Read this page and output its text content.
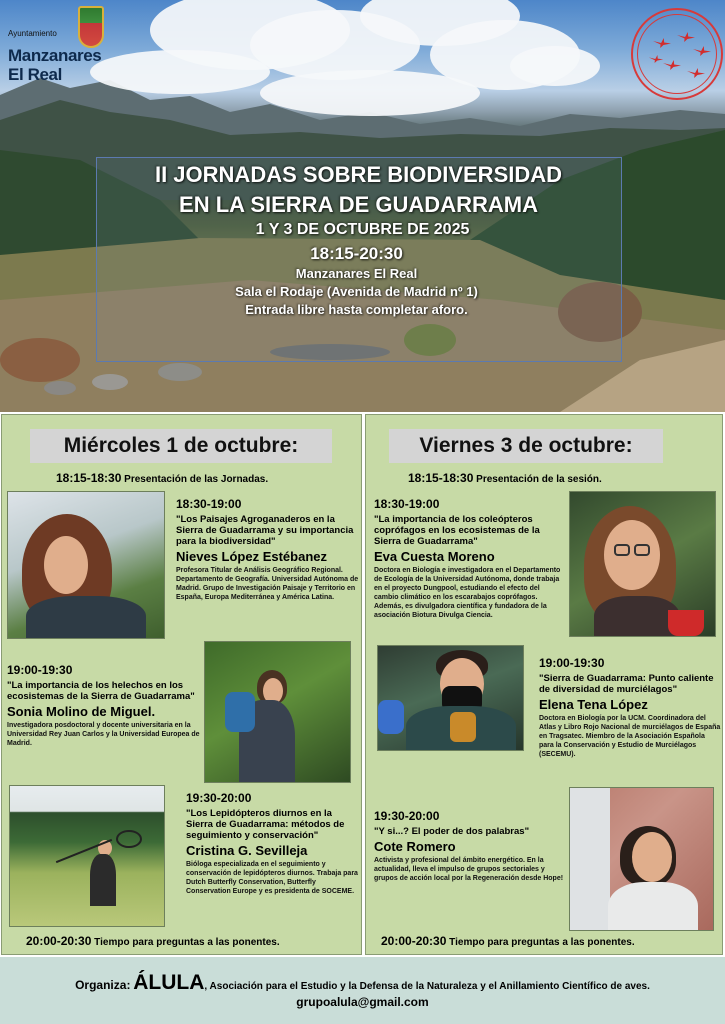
Ayuntamiento
Manzanares
El Real
II JORNADAS SOBRE BIODIVERSIDAD
EN LA SIERRA DE GUADARRAMA
1 Y 3 DE OCTUBRE DE 2025
18:15-20:30
Manzanares El Real
Sala el Rodaje (Avenida de Madrid nº 1)
Entrada libre hasta completar aforo.
Miércoles 1 de octubre:
18:15-18:30 Presentación de las Jornadas.
18:30-19:00
"Los Paisajes Agroganaderos en la Sierra de Guadarrama y su importancia para la biodiversidad"
Nieves López Estébanez
Profesora Titular de Análisis Geográfico Regional. Departamento de Geografía. Universidad Autónoma de Madrid. Grupo de Investigación Paisaje y Territorio en España, Europa Mediterránea y América Latina.
19:00-19:30
"La importancia de los helechos en los ecosistemas de la Sierra de Guadarrama"
Sonia Molino de Miguel.
Investigadora posdoctoral y docente universitaria en la Universidad Rey Juan Carlos y la Universidad Europea de Madrid.
19:30-20:00
"Los Lepidópteros diurnos en la Sierra de Guadarrama: métodos de seguimiento y conservación"
Cristina G. Sevilleja
Bióloga especializada en el seguimiento y conservación de lepidópteros diurnos. Trabaja para Dutch Butterfly Conservation, Butterfly Conservation Europe y es presidenta de SOCEME.
20:00-20:30 Tiempo para preguntas a las ponentes.
Viernes 3 de octubre:
18:15-18:30 Presentación de la sesión.
18:30-19:00
"La importancia de los coleópteros coprófagos en los ecosistemas de la Sierra de Guadarrama"
Eva Cuesta Moreno
Doctora en Biología e investigadora en el Departamento de Ecología de la Universidad Autónoma, donde trabaja en el proyecto Dungpool, estudiando el efecto del cambio climático en los escarabajos coprófagos. Además, es divulgadora científica y fundadora de la asociación Biotura Divulga Ciencia.
19:00-19:30
"Sierra de Guadarrama: Punto caliente de diversidad de murciélagos"
Elena Tena López
Doctora en Biología por la UCM. Coordinadora del Atlas y Libro Rojo Nacional de murciélagos de España en Tragsatec. Miembro de la Asociación Española para la Conservación y Estudio de Murciélagos (SECEMU).
19:30-20:00
"Y si...? El poder de dos palabras"
Cote Romero
Activista y profesional del ámbito energético. En la actualidad, lleva el impulso de grupos sectoriales y grupos de acción local por la Regeneración desde Hope!
20:00-20:30 Tiempo para preguntas a las ponentes.
Organiza: ÁLULA, Asociación para el Estudio y la Defensa de la Naturaleza y el Anillamiento Científico de aves.
grupoalula@gmail.com
